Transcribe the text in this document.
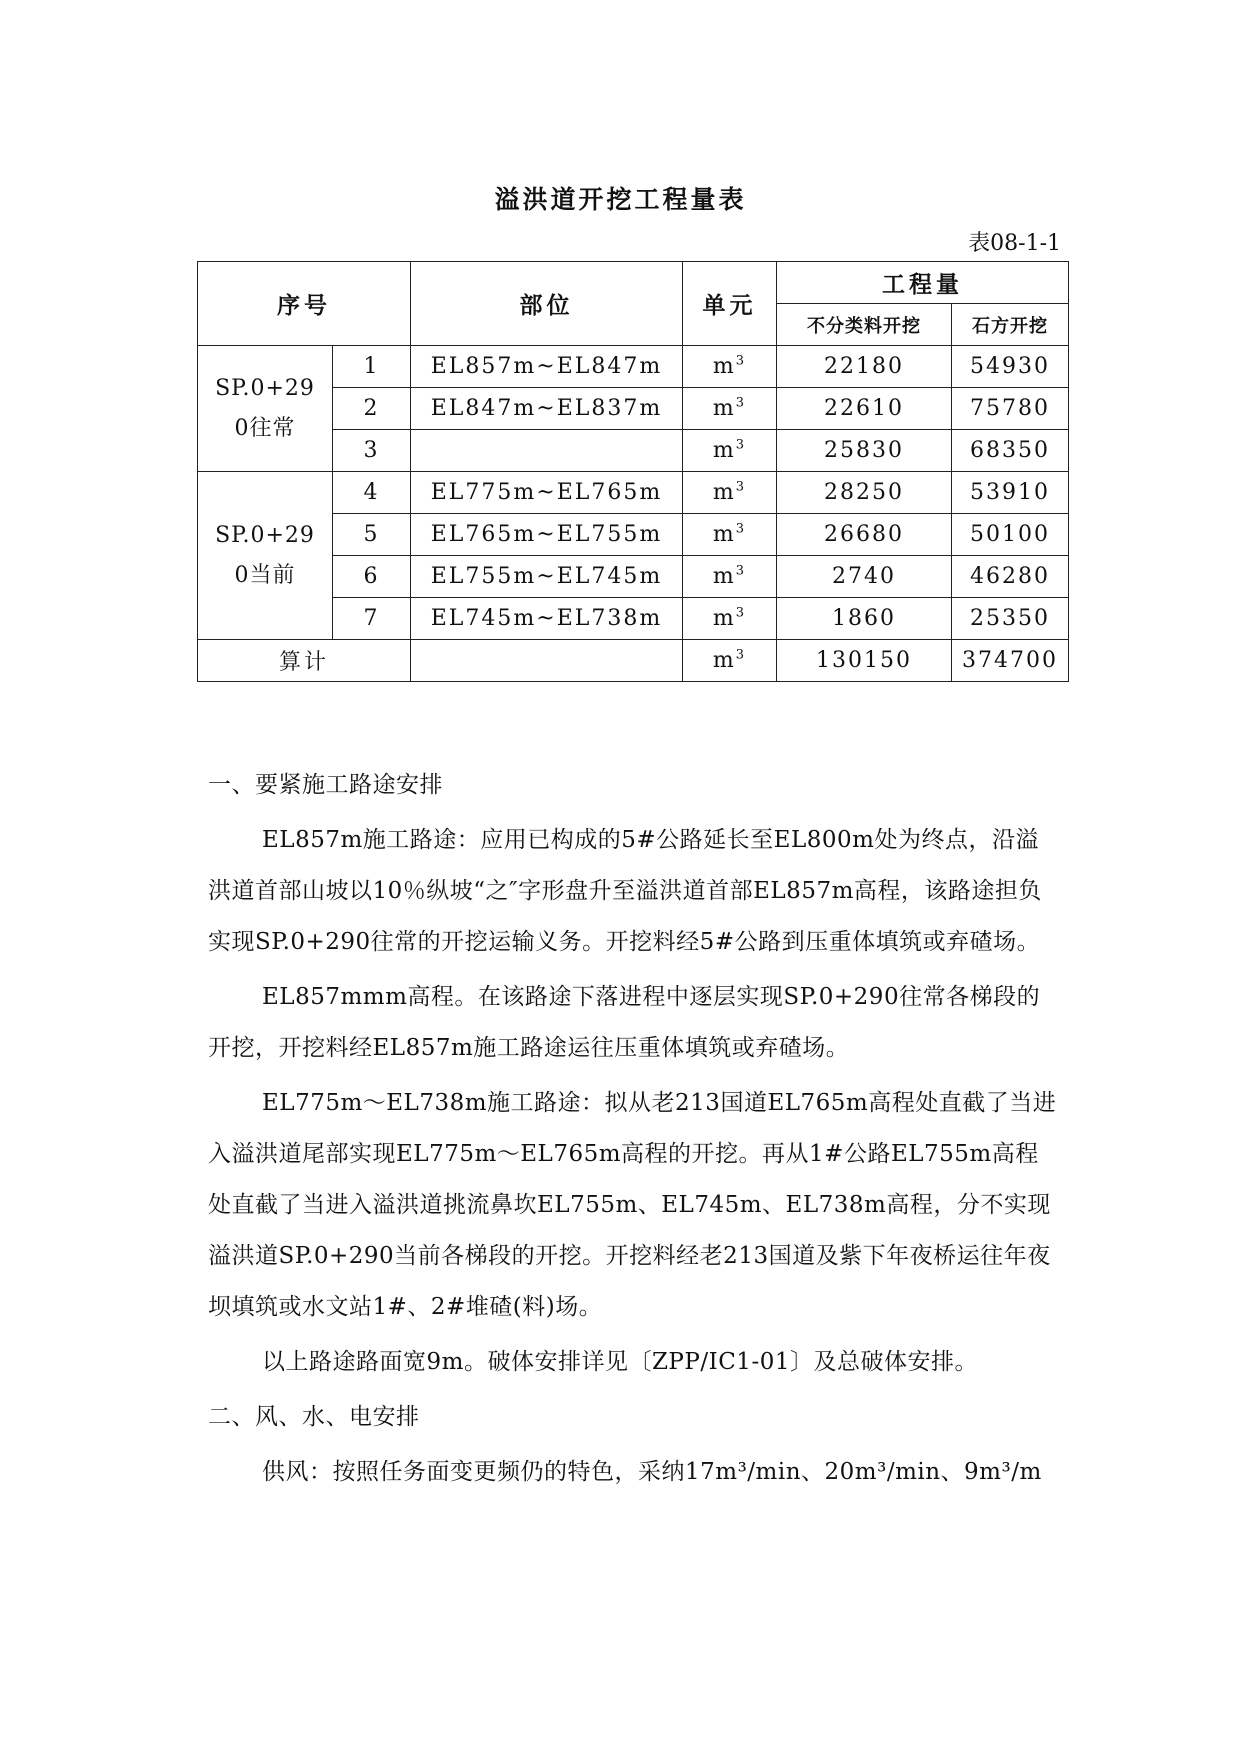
溢洪道开挖工程量表
表08-1-1
序号		部位	单元	工程量	
				不分类料开挖	石方开挖

SP.0+29
0往常	1	EL857m~EL847m	$m^3$	22180	54930
	2	EL847m~EL837m	$m^3$	22610	75780
	3		$m^3$	25830	68350

SP.0+29
0当前	4	EL775m~EL765m	$m^3$	28250	53910
	5	EL765m~EL755m	$m^3$	26680	50100
	6	EL755m~EL745m	$m^3$	2740	46280
	7	EL745m~EL738m	$m^3$	1860	25350
算计			$m^3$	130150	374700

一、要紧施工路途安排

EL857m施工路途：应用已构成的5#公路延长至EL800m处为终点，沿溢洪道首部山坡以10％纵坡“之″字形盘升至溢洪道首部EL857m高程，该路途担负实现SP.0+290往常的开挖运输义务。开挖料经5#公路到压重体填筑或弃碴场。

EL857mmm高程。在该路途下落进程中逐层实现SP.0+290往常各梯段的开挖，开挖料经EL857m施工路途运往压重体填筑或弃碴场。

EL775m～EL738m施工路途：拟从老213国道EL765m高程处直截了当进入溢洪道尾部实现EL775m～EL765m高程的开挖。再从1#公路EL755m高程处直截了当进入溢洪道挑流鼻坎EL755m、EL745m、EL738m高程，分不实现溢洪道SP.0+290当前各梯段的开挖。开挖料经老213国道及紫下年夜桥运往年夜坝填筑或水文站1#、2#堆碴(料)场。

以上路途路面宽9m。破体安排详见〔ZPP/IC1-01〕及总破体安排。

二、风、水、电安排

供风：按照任务面变更频仍的特色，采纳17m³/min、20m³/min、9m³/m
